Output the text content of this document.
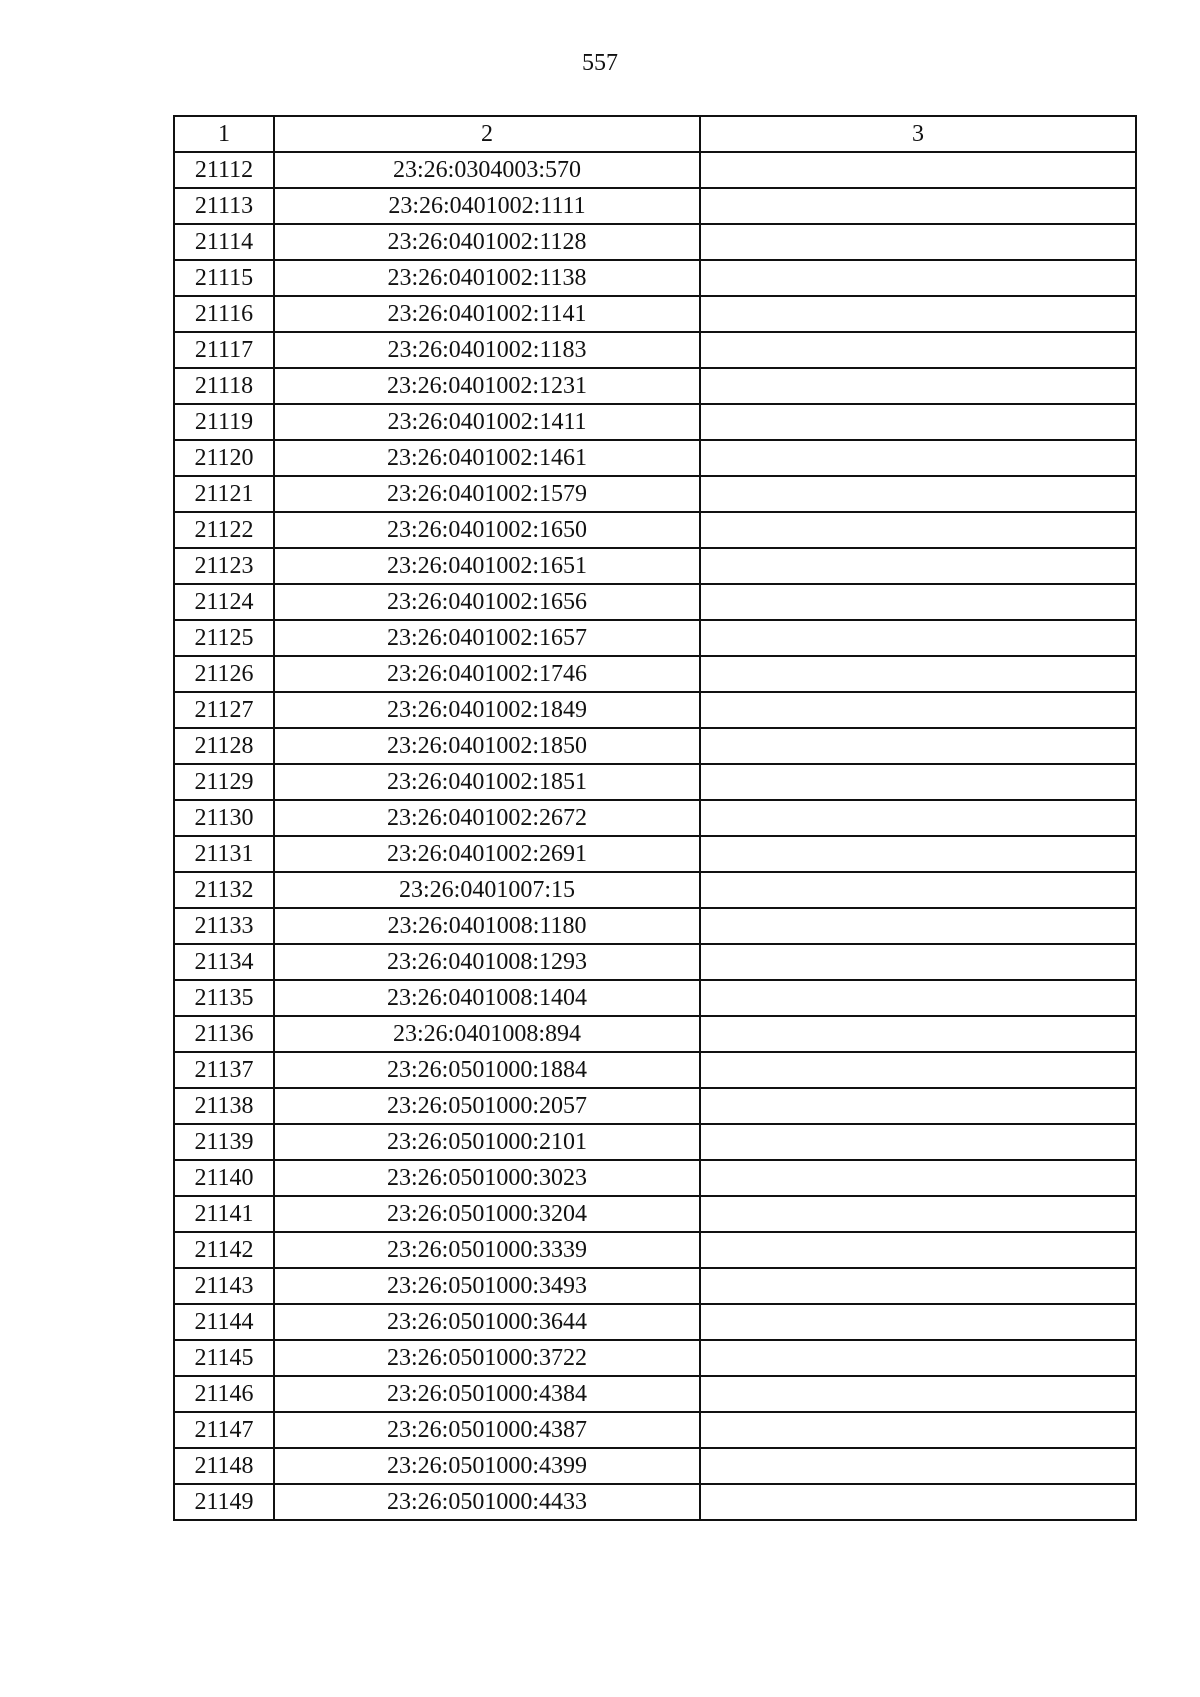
557
1	2	3
21112	23:26:0304003:570	
21113	23:26:0401002:1111	
21114	23:26:0401002:1128	
21115	23:26:0401002:1138	
21116	23:26:0401002:1141	
21117	23:26:0401002:1183	
21118	23:26:0401002:1231	
21119	23:26:0401002:1411	
21120	23:26:0401002:1461	
21121	23:26:0401002:1579	
21122	23:26:0401002:1650	
21123	23:26:0401002:1651	
21124	23:26:0401002:1656	
21125	23:26:0401002:1657	
21126	23:26:0401002:1746	
21127	23:26:0401002:1849	
21128	23:26:0401002:1850	
21129	23:26:0401002:1851	
21130	23:26:0401002:2672	
21131	23:26:0401002:2691	
21132	23:26:0401007:15	
21133	23:26:0401008:1180	
21134	23:26:0401008:1293	
21135	23:26:0401008:1404	
21136	23:26:0401008:894	
21137	23:26:0501000:1884	
21138	23:26:0501000:2057	
21139	23:26:0501000:2101	
21140	23:26:0501000:3023	
21141	23:26:0501000:3204	
21142	23:26:0501000:3339	
21143	23:26:0501000:3493	
21144	23:26:0501000:3644	
21145	23:26:0501000:3722	
21146	23:26:0501000:4384	
21147	23:26:0501000:4387	
21148	23:26:0501000:4399	
21149	23:26:0501000:4433	
